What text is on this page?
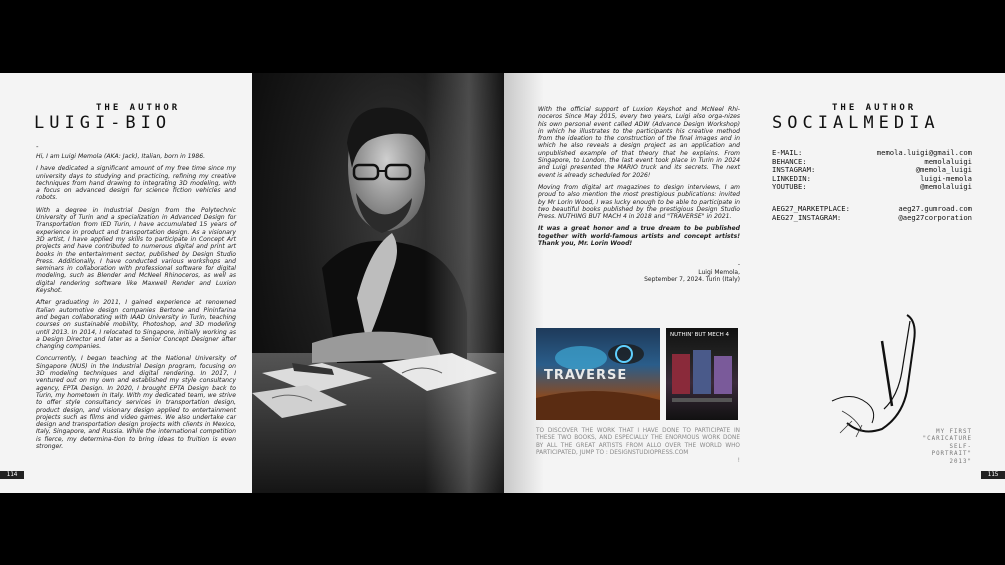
THE AUTHOR
LUIGI-BIO
-

Hi, I am Luigi Memola (AKA: Jack), Italian, born in 1986.

I have dedicated a significant amount of my free time since my university days to studying and practicing, refining my creative techniques from hand drawing to integrating 3D modeling, with a focus on advanced design for science fiction vehicles and robots.

With a degree in Industrial Design from the Polytechnic University of Turin and a specialization in Advanced Design for Transportation from IED Turin, I have accumulated 15 years of experience in product and transportation design. As a visionary 3D artist, I have applied my skills to participate in Concept Art projects and have contributed to numerous digital and print art books in the entertainment sector, published by Design Studio Press. Additionally, I have conducted various workshops and seminars in collaboration with professional software for digital modeling, such as Blender and McNeel Rhinoceros, as well as digital rendering software like Maxwell Render and Luxion Keyshot.

After graduating in 2011, I gained experience at renowned Italian automotive design companies Bertone and Pininfarina and began collaborating with IAAD University in Turin, teaching courses on sustainable mobility, Photoshop, and 3D modeling until 2013. In 2014, I relocated to Singapore, initially working as a Design Director and later as a Senior Concept Designer after changing companies.

Concurrently, I began teaching at the National University of Singapore (NUS) in the Industrial Design program, focusing on 3D modeling techniques and digital rendering. In 2017, I ventured out on my own and established my style consultancy agency, EPTA Design. In 2020, I brought EPTA Design back to Turin, my hometown in Italy. With my dedicated team, we strive to offer style consultancy services in transportation design, product design, and visionary design applied to entertainment projects such as films and video games. We also undertake car design and transportation design projects with clients in Mexico, Italy, Singapore, and Russia. While the international competition is fierce, my determina-tion to bring ideas to fruition is even stronger.

114

With the official support of Luxion Keyshot and McNeel Rhi-noceros Since May 2015, every two years, Luigi also orga-nizes his own personal event called ADW (Advance Design Workshop) in which he illustrates to the participants his creative method from the ideation to the construction of the final images and in which he also reveals a design project as an application and unpublished example of that theory that he explains. From Singapore, to London, the last event took place in Turin in 2024 and Luigi presented the MARIO truck and its secrets. The next event is already scheduled for 2026!

Moving from digital art magazines to design interviews, I am proud to also mention the most prestigious publications: invited by Mr Lorin Wood, I was lucky enough to be able to participate in two beautiful books published by the prestigious Design Studio Press. NUTHING BUT MACH 4 in 2018 and "TRAVERSE" in 2021.

It was a great honor and a true dream to be published together with world-famous artists and concept artists! Thank you, Mr. Lorin Wood!

-
Luigi Memola,
September 7, 2024. Turin (Italy)
THE AUTHOR
SOCIALMEDIA
E-MAIL:	memola.luigi@gmail.com
BEHANCE:	memolaluigi
INSTAGRAM:	@memola_luigi
LINKEDIN:	luigi-memola
YOUTUBE:	@memolaluigi
AEG27_MARKETPLACE:	aeg27.gumroad.com
AEG27_INSTAGRAM:	@aeg27corporation
TRAVERSE
NUTHIN' BUT MECH 4
TO DISCOVER THE WORK THAT I HAVE DONE TO PARTICIPATE IN THESE TWO BOOKS, AND ESPECIALLY THE ENORMOUS WORK DONE BY ALL THE GREAT ARTISTS FROM ALLO OVER THE WORLD WHO PARTICIPATED, JUMP TO : DESIGNSTUDIOPRESS.COM
!
MY FIRST "CARICATURE SELF-PORTRAIT" 2013"
115
